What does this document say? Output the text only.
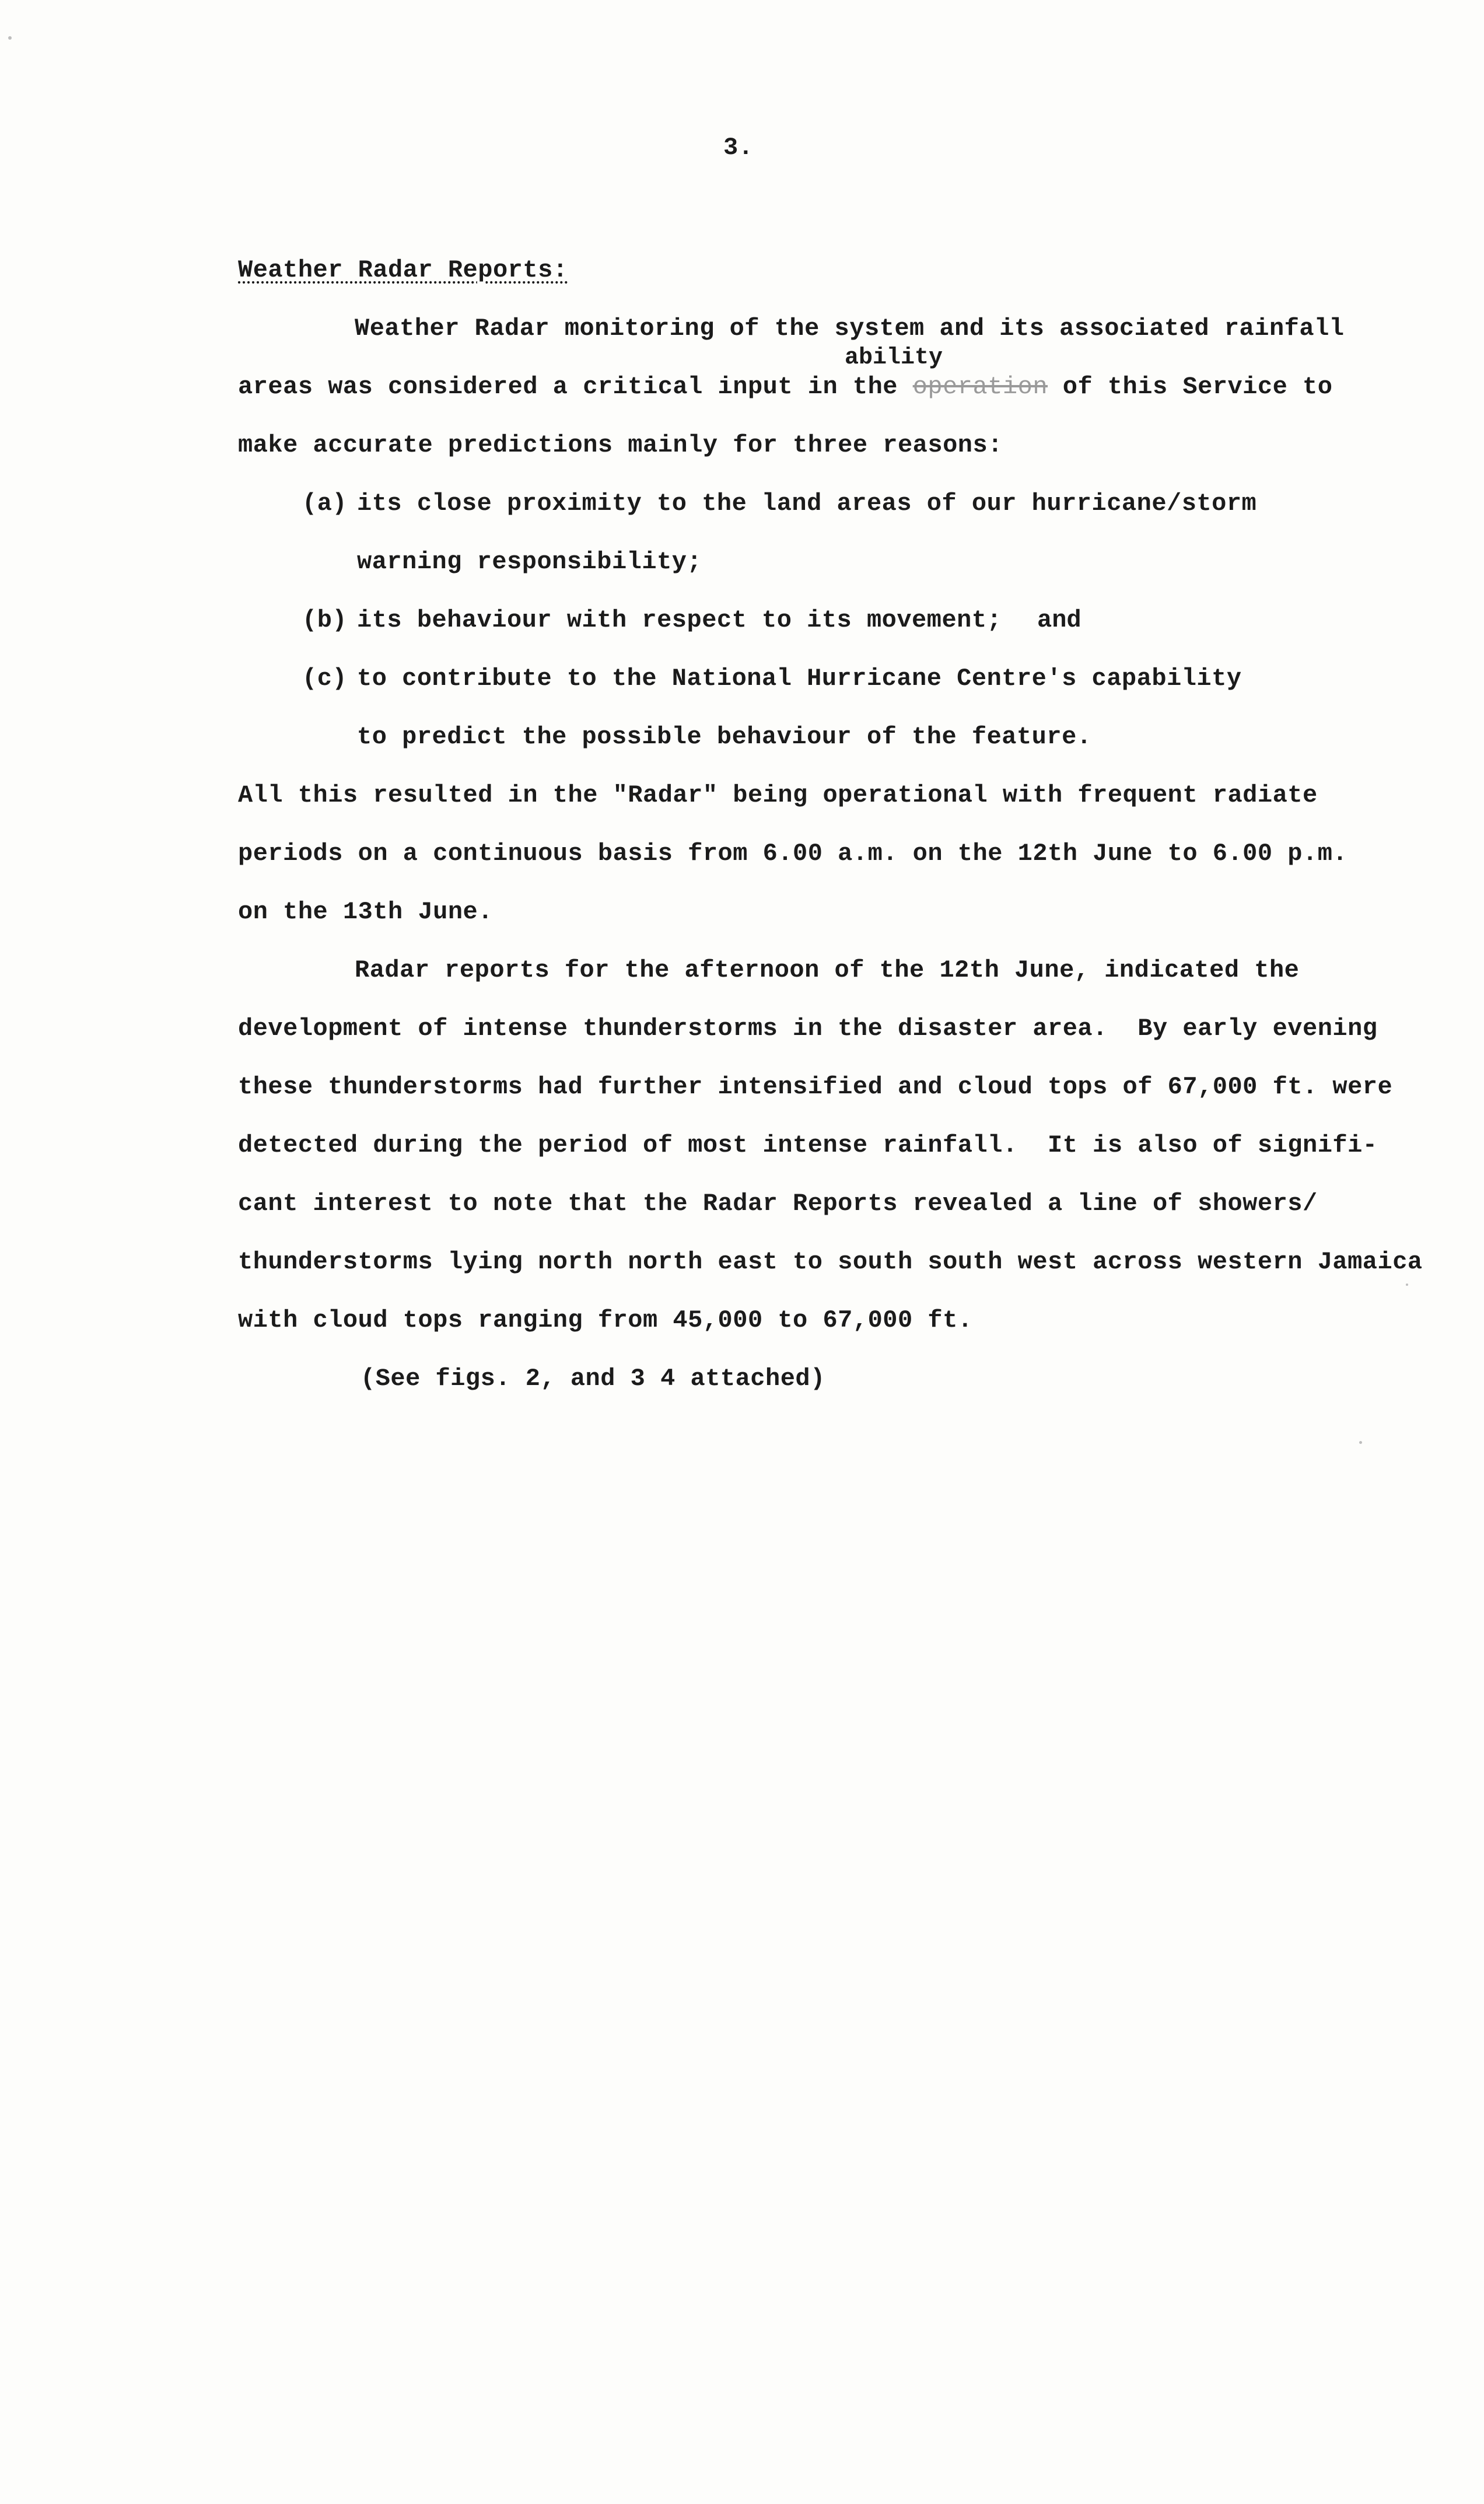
3.
Weather Radar Reports:
Weather Radar monitoring of the system and its associated rainfall
ability
areas was considered a critical input in the operation of this Service to
make accurate predictions mainly for three reasons:
(a) its close proximity to the land areas of our hurricane/storm
warning responsibility;
(b) its behaviour with respect to its movement; and
(c) to contribute to the National Hurricane Centre's capability
to predict the possible behaviour of the feature.
All this resulted in the "Radar" being operational with frequent radiate
periods on a continuous basis from 6.00 a.m. on the 12th June to 6.00 p.m.
on the 13th June.
Radar reports for the afternoon of the 12th June, indicated the
development of intense thunderstorms in the disaster area.  By early evening
these thunderstorms had further intensified and cloud tops of 67,000 ft. were
detected during the period of most intense rainfall.  It is also of signifi-
cant interest to note that the Radar Reports revealed a line of showers/
thunderstorms lying north north east to south south west across western Jamaica
with cloud tops ranging from 45,000 to 67,000 ft.
(See figs. 2, and 3 4 attached)
